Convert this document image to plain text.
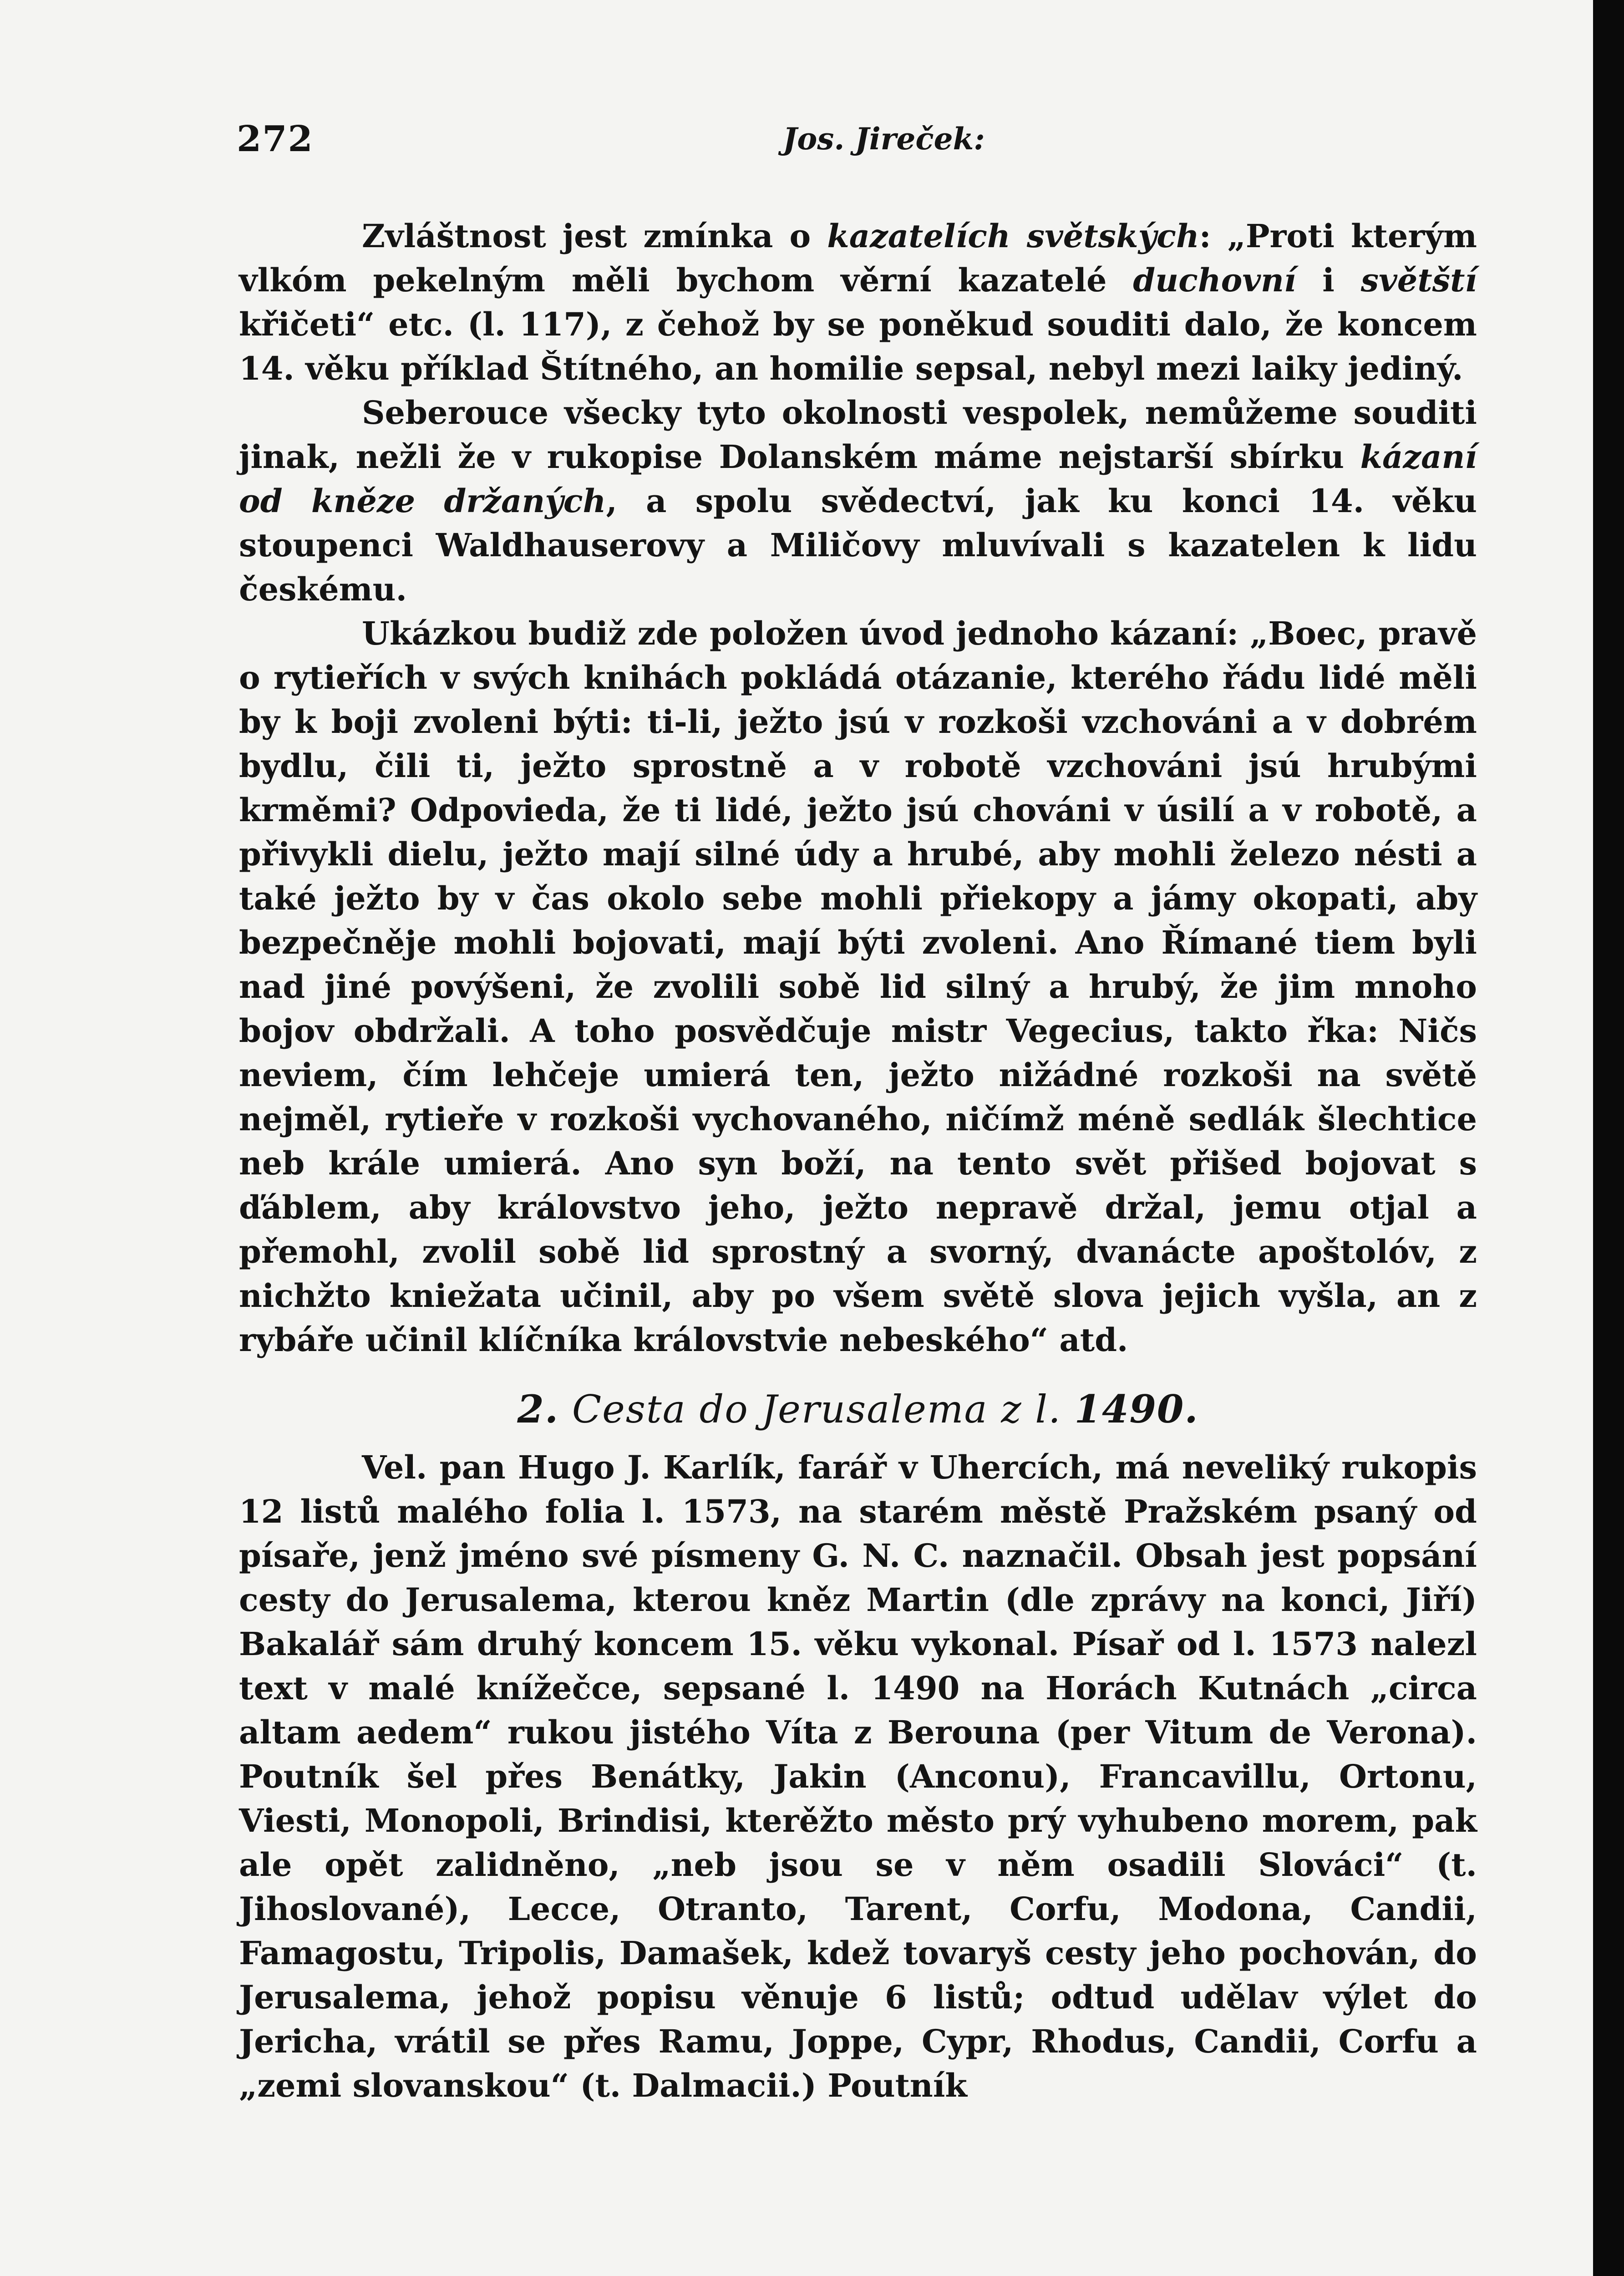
272	Jos. Jireček:

Zvláštnost jest zmínka o kazatelích světských: „Proti kterým vlkóm pekelným měli bychom věrní kazatelé duchovní i světští křičeti“ etc. (l. 117), z čehož by se poněkud souditi dalo, že koncem 14. věku příklad Štítného, an homilie sepsal, nebyl mezi laiky jediný.

Seberouce všecky tyto okolnosti vespolek, nemůžeme souditi jinak, nežli že v rukopise Dolanském máme nejstarší sbírku kázaní od kněze držaných, a spolu svědectví, jak ku konci 14. věku stoupenci Waldhauserovy a Miličovy mluvívali s kazatelen k lidu českému.

Ukázkou budiž zde položen úvod jednoho kázaní: „Boec, pravě o rytieřích v svých knihách pokládá otázanie, kterého řádu lidé měli by k boji zvoleni býti: ti-li, ježto jsú v rozkoši vzchováni a v dobrém bydlu, čili ti, ježto sprostně a v robotě vzchováni jsú hrubými krměmi? Odpovieda, že ti lidé, ježto jsú chováni v úsilí a v robotě, a přivykli dielu, ježto mají silné údy a hrubé, aby mohli železo nésti a také ježto by v čas okolo sebe mohli přiekopy a jámy okopati, aby bezpečněje mohli bojovati, mají býti zvoleni. Ano Římané tiem byli nad jiné povýšeni, že zvolili sobě lid silný a hrubý, že jim mnoho bojov obdržali. A toho posvědčuje mistr Vegecius, takto řka: Ničs neviem, čím lehčeje umierá ten, ježto nižádné rozkoši na světě nejměl, rytieře v rozkoši vychovaného, ničímž méně sedlák šlechtice neb krále umierá. Ano syn boží, na tento svět přišed bojovat s ďáblem, aby královstvo jeho, ježto nepravě držal, jemu otjal a přemohl, zvolil sobě lid sprostný a svorný, dvanácte apoštolóv, z nichžto kniežata učinil, aby po všem světě slova jejich vyšla, an z rybáře učinil klíčníka královstvie nebeského“ atd.

2. Cesta do Jerusalema z l. 1490.

Vel. pan Hugo J. Karlík, farář v Uhercích, má neveliký rukopis 12 listů malého folia l. 1573, na starém městě Pražském psaný od písaře, jenž jméno své písmeny G. N. C. naznačil. Obsah jest popsání cesty do Jerusalema, kterou kněz Martin (dle zprávy na konci, Jiří) Bakalář sám druhý koncem 15. věku vykonal. Písař od l. 1573 nalezl text v malé knížečce, sepsané l. 1490 na Horách Kutnách „circa altam aedem“ rukou jistého Víta z Berouna (per Vitum de Verona). Poutník šel přes Benátky, Jakin (Anconu), Francavillu, Ortonu, Viesti, Monopoli, Brindisi, kterěžto město prý vyhubeno morem, pak ale opět zalidněno, „neb jsou se v něm osadili Slováci“ (t. Jihoslované), Lecce, Otranto, Tarent, Corfu, Modona, Candii, Famagostu, Tripolis, Damašek, kdež tovaryš cesty jeho pochován, do Jerusalema, jehož popisu věnuje 6 listů; odtud udělav výlet do Jericha, vrátil se přes Ramu, Joppe, Cypr, Rhodus, Candii, Corfu a „zemi slovanskou“ (t. Dalmacii.) Poutník
